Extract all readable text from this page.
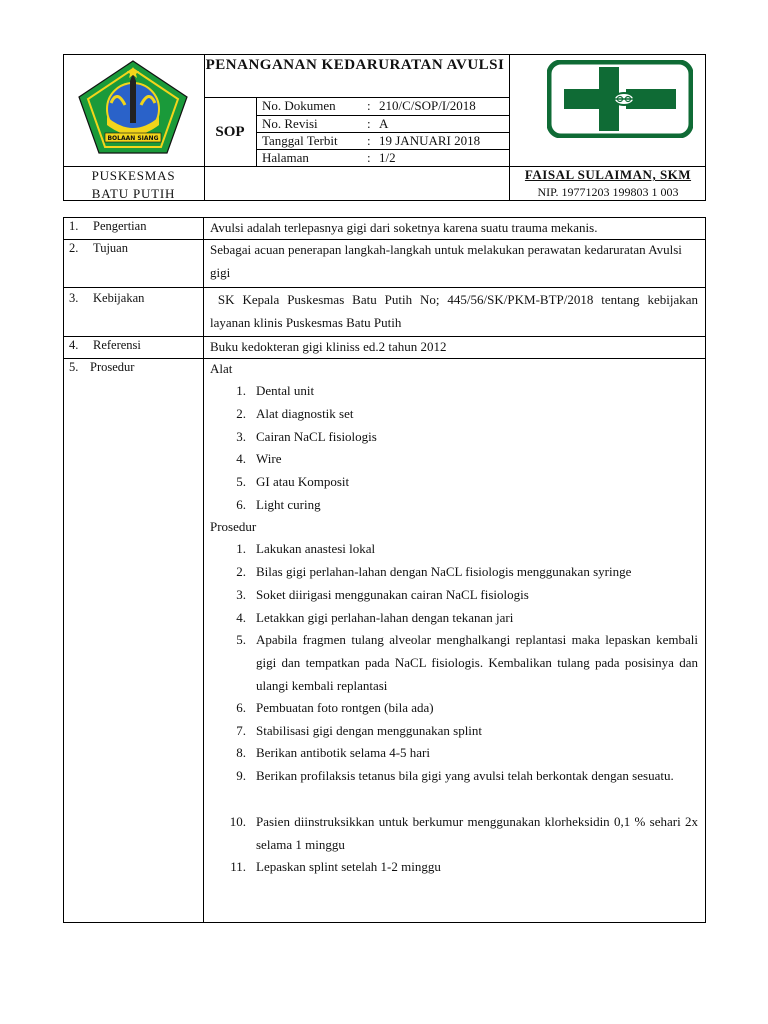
BOLAAN SIANG
PENANGANAN KEDARURATAN AVULSI
SOP
No. Dokumen	: 210/C/SOP/I/2018
No. Revisi	: A
Tanggal Terbit	: 19 JANUARI 2018
Halaman	: 1/2
PUSKESMAS
BATU PUTIH
FAISAL SULAIMAN, SKM
NIP. 19771203 199803 1 003
1. Pengertian	Avulsi adalah terlepasnya gigi dari soketnya karena suatu trauma mekanis.
2. Tujuan	Sebagai acuan penerapan langkah-langkah untuk melakukan perawatan kedaruratan Avulsi gigi
3. Kebijakan	SK Kepala Puskesmas Batu Putih No; 445/56/SK/PKM-BTP/2018 tentang kebijakan layanan klinis Puskesmas Batu Putih
4. Referensi	Buku kedokteran gigi kliniss ed.2 tahun 2012
5. Prosedur	Alat
1. Dental unit
2. Alat diagnostik set
3. Cairan NaCL fisiologis
4. Wire
5. GI atau Komposit
6. Light curing
Prosedur
1. Lakukan anastesi lokal
2. Bilas gigi perlahan-lahan dengan NaCL fisiologis menggunakan syringe
3. Soket diirigasi menggunakan cairan NaCL fisiologis
4. Letakkan gigi perlahan-lahan dengan tekanan jari
5. Apabila fragmen tulang alveolar menghalkangi replantasi maka lepaskan kembali gigi dan tempatkan pada NaCL fisiologis. Kembalikan tulang pada posisinya dan ulangi kembali replantasi
6. Pembuatan foto rontgen (bila ada)
7. Stabilisasi gigi dengan menggunakan splint
8. Berikan antibotik selama 4-5 hari
9. Berikan profilaksis tetanus bila gigi yang avulsi telah berkontak dengan sesuatu.
10. Pasien diinstruksikkan untuk berkumur menggunakan klorheksidin 0,1 % sehari 2x selama 1 minggu
11. Lepaskan splint setelah 1-2 minggu
